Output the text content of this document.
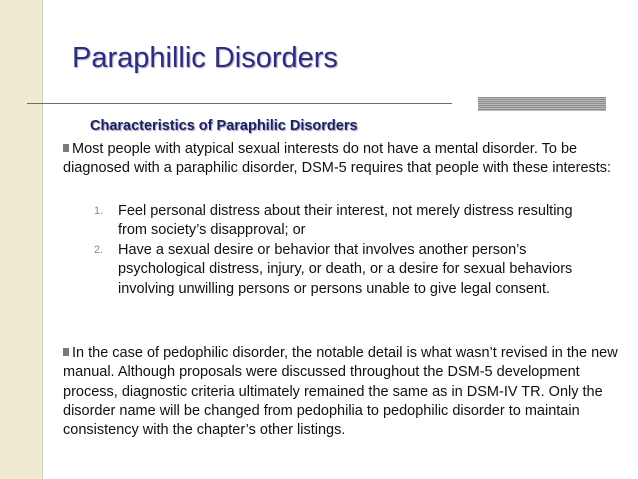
Paraphillic Disorders
Characteristics of Paraphilic Disorders
Most people with atypical sexual interests do not have a mental disorder. To be diagnosed with a paraphilic disorder, DSM-5 requires that people with these interests:
1. Feel personal distress about their interest, not merely distress resulting from society’s disapproval; or
2. Have a sexual desire or behavior that involves another person’s psychological distress, injury, or death, or a desire for sexual behaviors involving unwilling persons or persons unable to give legal consent.
In the case of pedophilic disorder, the notable detail is what wasn’t revised in the new manual. Although proposals were discussed throughout the DSM-5 development process, diagnostic criteria ultimately remained the same as in DSM-IV TR. Only the disorder name will be changed from pedophilia to pedophilic disorder to maintain consistency with the chapter’s other listings.
